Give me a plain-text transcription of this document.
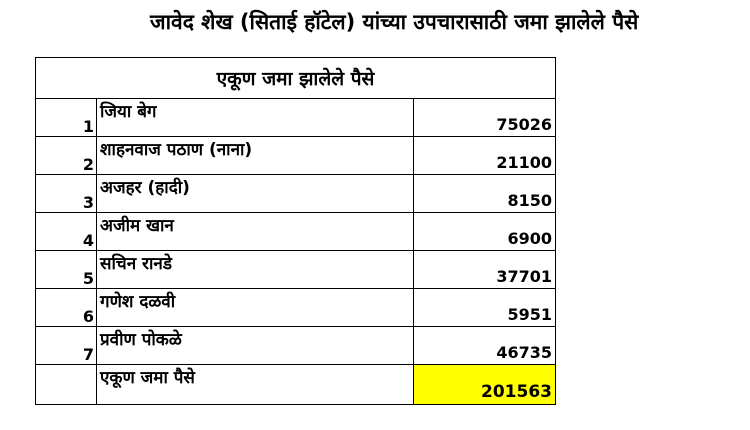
जावेद शेख (सिताई हॉटेल) यांच्या उपचारासाठी जमा झालेले पैसे
एकूण जमा झालेले पैसे		
1	जिया बेग	75026
2	शाहनवाज पठाण (नाना)	21100
3	अजहर (हादी)	8150
4	अजीम खान	6900
5	सचिन रानडे	37701
6	गणेश दळवी	5951
7	प्रवीण पोकळे	46735
	एकूण जमा पैसे	201563
